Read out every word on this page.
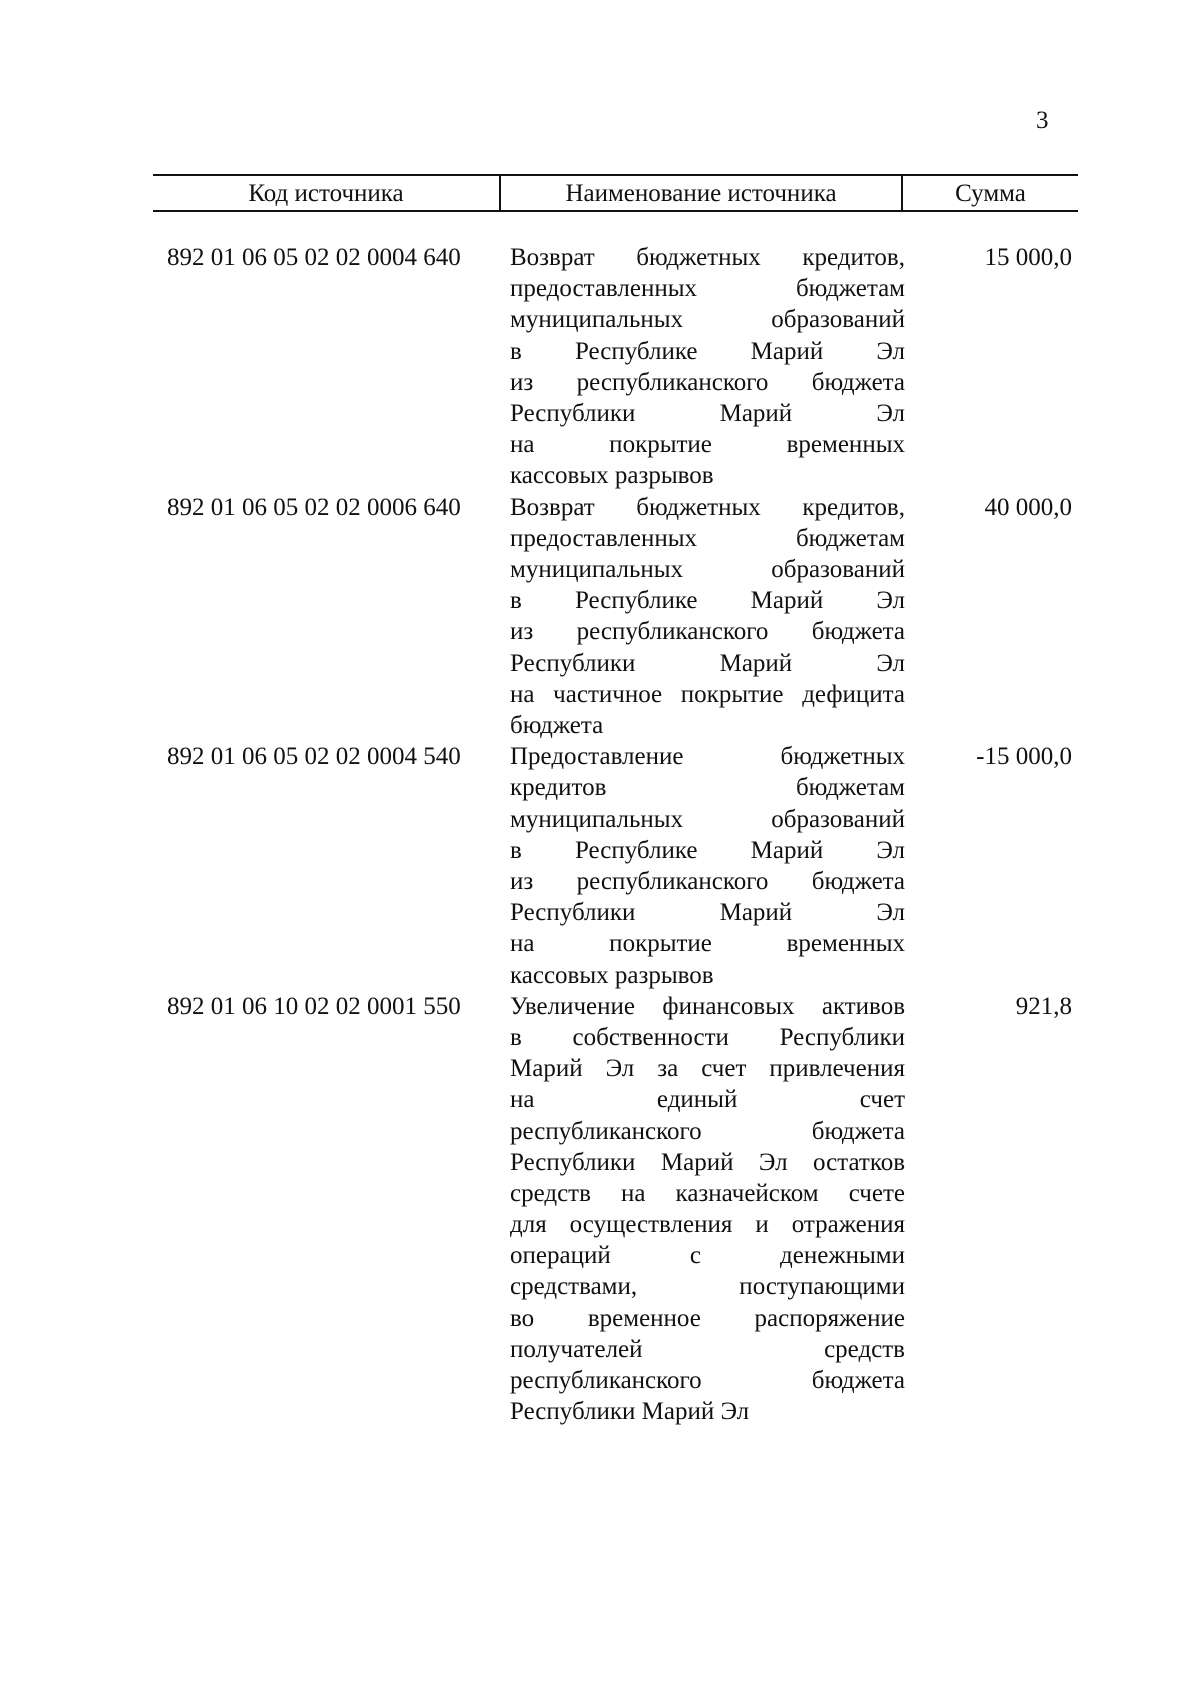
3
Код источника	Наименование источника	Сумма
892 01 06 05 02 02 0004 640 Возврат бюджетных кредитов,
предоставленных бюджетам
муниципальных образований
в Республике Марий Эл
из республиканского бюджета
Республики Марий Эл
на покрытие временных
кассовых разрывов
15 000,0
892 01 06 05 02 02 0006 640 Возврат бюджетных кредитов,
предоставленных бюджетам
муниципальных образований
в Республике Марий Эл
из республиканского бюджета
Республики Марий Эл
на частичное покрытие дефицита
бюджета
40 000,0
892 01 06 05 02 02 0004 540 Предоставление бюджетных
кредитов бюджетам
муниципальных образований
в Республике Марий Эл
из республиканского бюджета
Республики Марий Эл
на покрытие временных
кассовых разрывов
-15 000,0
892 01 06 10 02 02 0001 550 Увеличение финансовых активов
в собственности Республики
Марий Эл за счет привлечения
на единый счет
республиканского бюджета
Республики Марий Эл остатков
средств на казначейском счете
для осуществления и отражения
операций с денежными
средствами, поступающими
во временное распоряжение
получателей средств
республиканского бюджета
Республики Марий Эл
921,8
